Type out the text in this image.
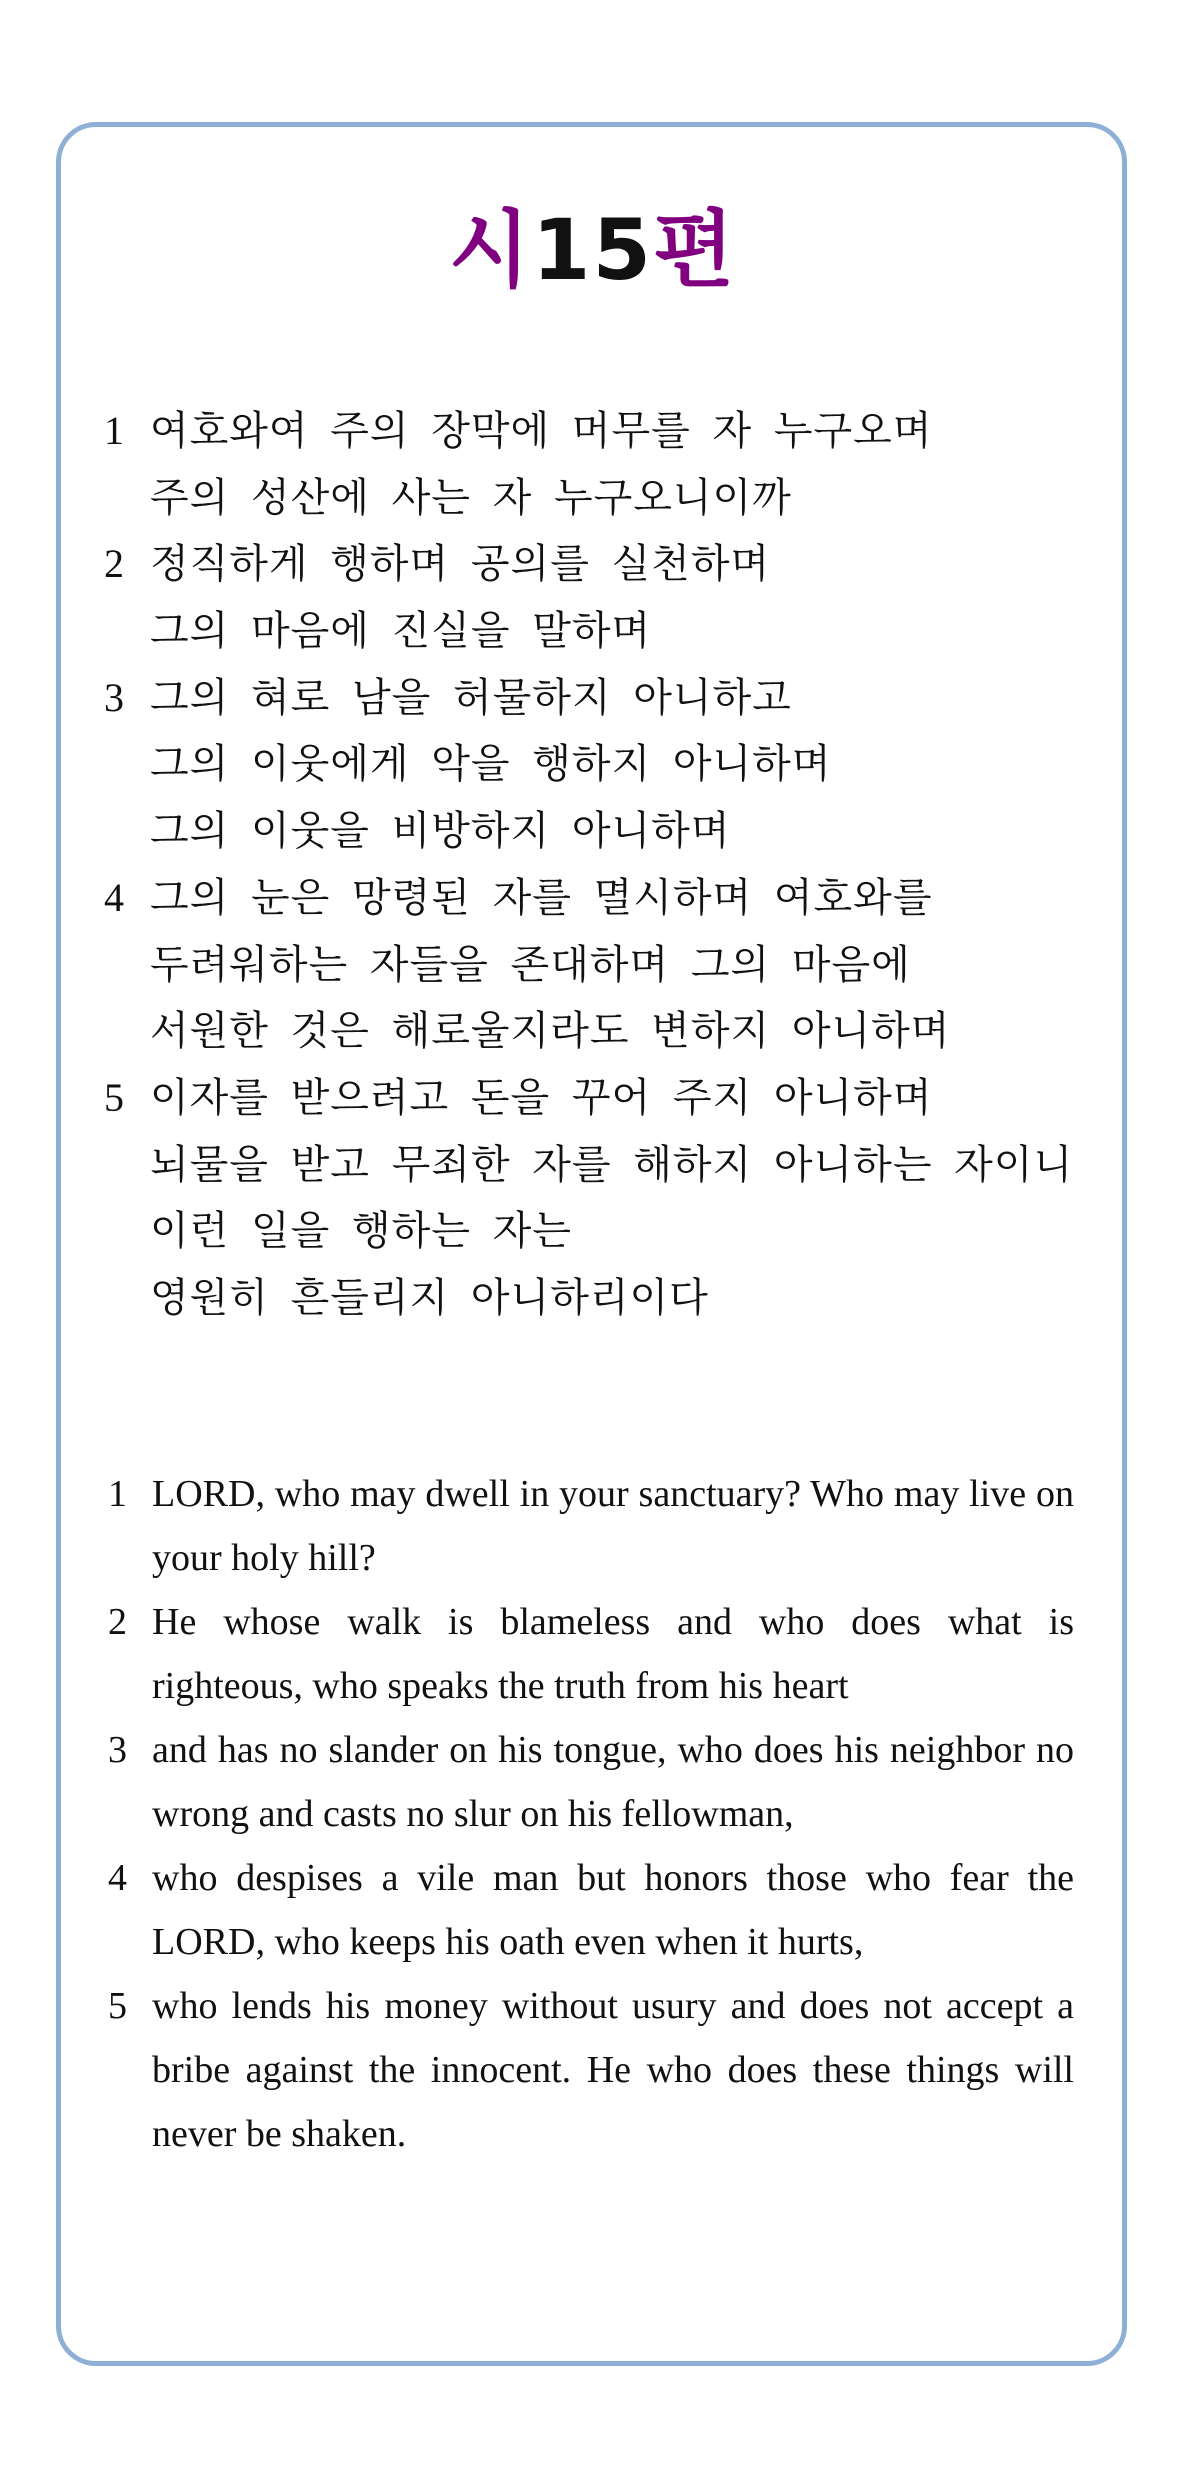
시15편
1 여호와여 주의 장막에 머무를 자 누구오며
주의 성산에 사는 자 누구오니이까
2 정직하게 행하며 공의를 실천하며
그의 마음에 진실을 말하며
3 그의 혀로 남을 허물하지 아니하고
그의 이웃에게 악을 행하지 아니하며
그의 이웃을 비방하지 아니하며
4 그의 눈은 망령된 자를 멸시하며 여호와를
두려워하는 자들을 존대하며 그의 마음에
서원한 것은 해로울지라도 변하지 아니하며
5 이자를 받으려고 돈을 꾸어 주지 아니하며
뇌물을 받고 무죄한 자를 해하지 아니하는 자이니
이런 일을 행하는 자는
영원히 흔들리지 아니하리이다
1 LORD, who may dwell in your sanctuary? Who may live on your holy hill?
2 He whose walk is blameless and who does what is righteous, who speaks the truth from his heart
3 and has no slander on his tongue, who does his neighbor no wrong and casts no slur on his fellowman,
4 who despises a vile man but honors those who fear the LORD, who keeps his oath even when it hurts,
5 who lends his money without usury and does not accept a bribe against the innocent. He who does these things will never be shaken.
